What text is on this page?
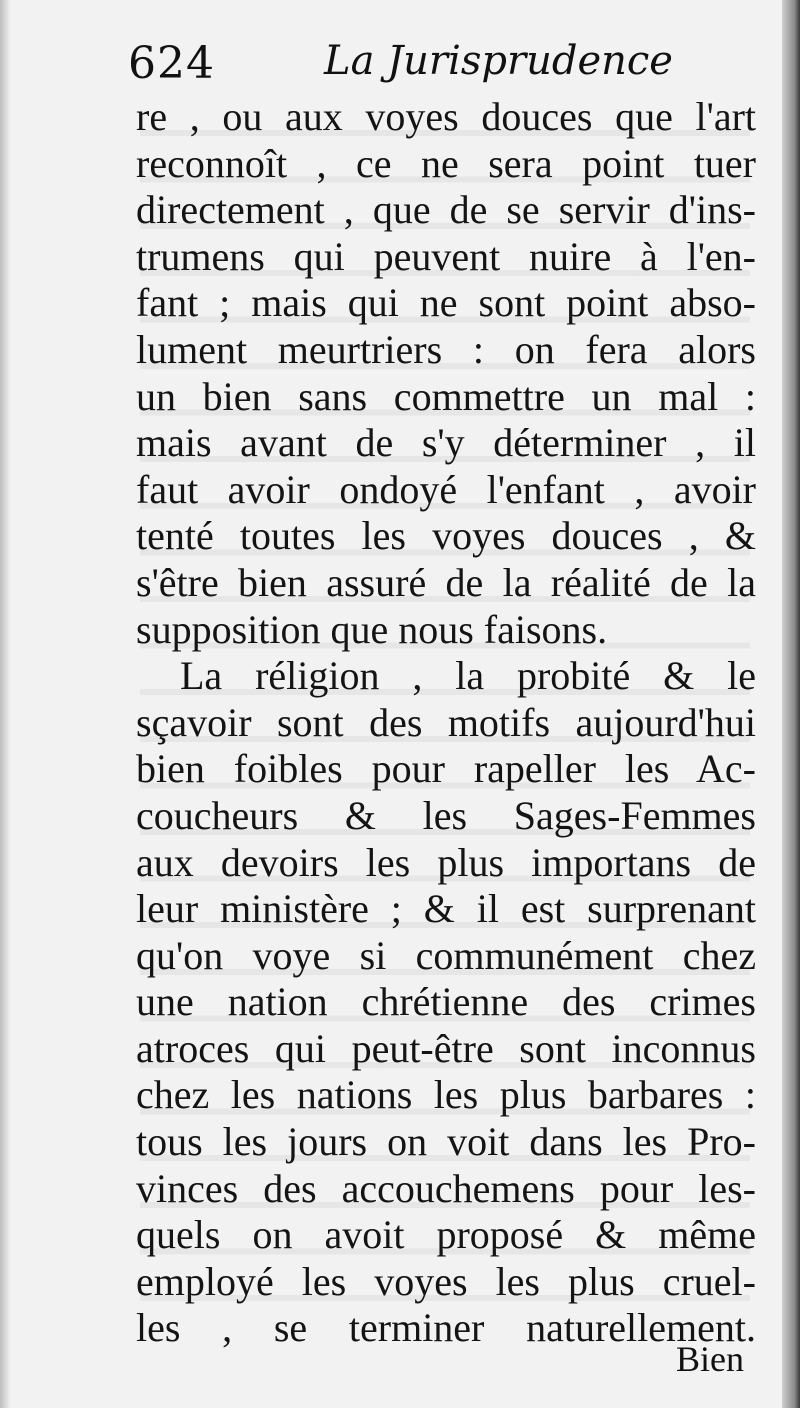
624	La Jurisprudence
re , ou aux voyes douces que l'art
reconnoît , ce ne sera point tuer
directement , que de se servir d'ins-
trumens qui peuvent nuire à l'en-
fant ; mais qui ne sont point abso-
lument meurtriers : on fera alors
un bien sans commettre un mal :
mais avant de s'y déterminer , il
faut avoir ondoyé l'enfant , avoir
tenté toutes les voyes douces , &
s'être bien assuré de la réalité de la
supposition que nous faisons.
La réligion , la probité & le
sçavoir sont des motifs aujourd'hui
bien foibles pour rapeller les Ac-
coucheurs & les Sages-Femmes
aux devoirs les plus importans de
leur ministère ; & il est surprenant
qu'on voye si communément chez
une nation chrétienne des crimes
atroces qui peut-être sont inconnus
chez les nations les plus barbares :
tous les jours on voit dans les Pro-
vinces des accouchemens pour les-
quels on avoit proposé & même
employé les voyes les plus cruel-
les , se terminer naturellement.
Bien
